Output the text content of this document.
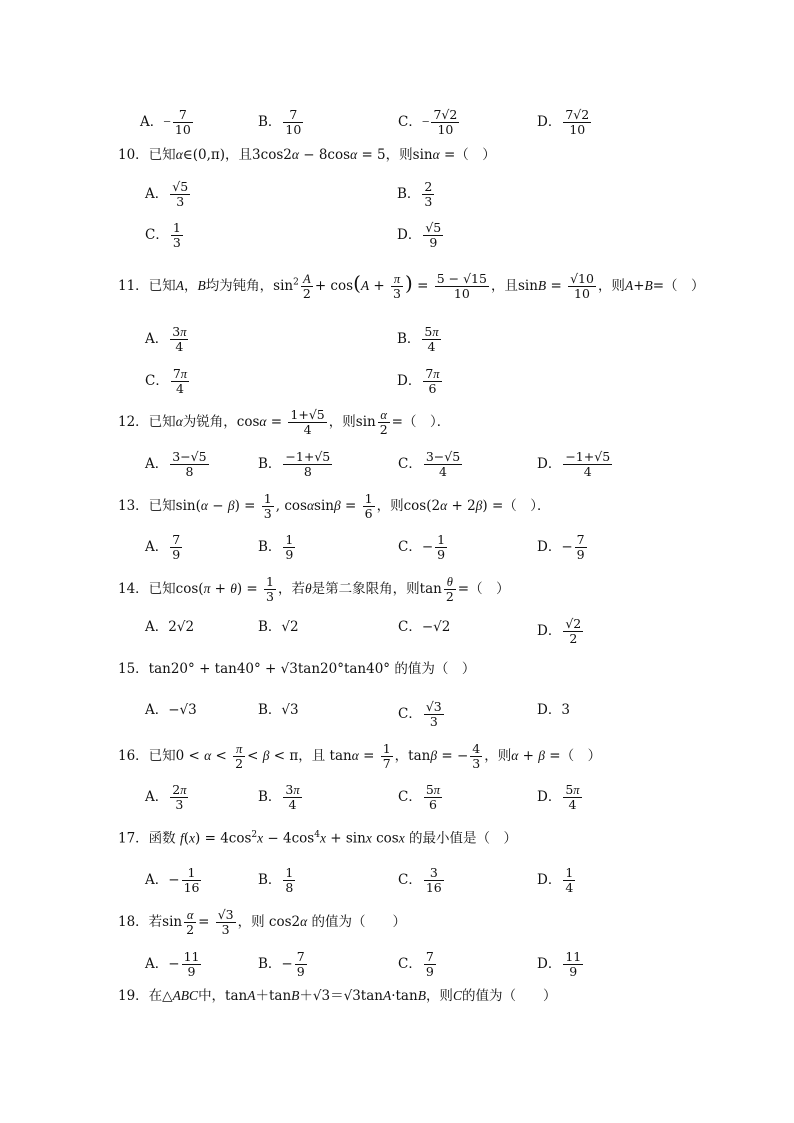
A．− $\frac{7}{10}$	B． $\frac{7}{10}$	C．− $\frac{7√2}{10}$	D． $\frac{7√2}{10}$
10．已知α∈(0,π)，且3cos2α − 8cosα = 5，则sinα =（　）
A． $\frac{√5}{3}$	B． $\frac{2}{3}$
C． $\frac{1}{3}$	D． $\frac{√5}{9}$
11．已知A，B均为钝角，$\sin^2 \frac{A}{2} + \cos(A + \frac{\pi}{3}$ ) = $\frac{5 - √15}{10}$ ，且$\sin B = \frac{√10}{10}$ ，则A+B=（　）
A． $\frac{3\pi}{4}$	B． $\frac{5\pi}{4}$
C． $\frac{7\pi}{4}$	D． $\frac{7\pi}{6}$
12．已知α为锐角，$\cos\alpha = \frac{1+√5}{4}$ ，则$\sin \frac{\alpha}{2}$ =（　）．
A． $\frac{3-√5}{8}$	B． $\frac{-1+√5}{8}$	C． $\frac{3-√5}{4}$	D． $\frac{-1+√5}{4}$
13．已知$\sin(\alpha - \beta) = \frac{1}{3}$ , $\cos\alpha\sin\beta = \frac{1}{6}$ ，则cos(2α + 2β) =（　）．
A． $\frac{7}{9}$	B． $\frac{1}{9}$	C．− $\frac{1}{9}$	D．− $\frac{7}{9}$
14．已知$\cos(\pi + \theta) = \frac{1}{3}$ ，若θ是第二象限角，则$\tan \frac{\theta}{2}$ =（　）
A．2√2	B．√2	C．−√2	D． $\frac{√2}{2}$
15．tan20° + tan40° + √3tan20°tan40° 的值为（　）
A．−√3	B．√3	C． $\frac{√3}{3}$	D．3
16．已知$0 < \alpha < \frac{\pi}{2} < \beta < \pi$，且 $\tan\alpha = \frac{1}{7}$ ，tanβ = − $\frac{4}{3}$ ，则α + β =（　）
A． $\frac{2\pi}{3}$	B． $\frac{3\pi}{4}$	C． $\frac{5\pi}{6}$	D． $\frac{5\pi}{4}$
17．函数 $f(x) = 4\cos^2x - 4\cos^4x + \sin x$ cosx 的最小值是（　）
A．− $\frac{1}{16}$	B． $\frac{1}{8}$	C． $\frac{3}{16}$	D． $\frac{1}{4}$
18．若$\sin \frac{\alpha}{2} = \frac{√3}{3}$ ，则 cos2α 的值为（　　）
A．− $\frac{11}{9}$	B．− $\frac{7}{9}$	C． $\frac{7}{9}$	D． $\frac{11}{9}$
19．在△ABC中，tanA＋tanB＋√3＝√3tanA·tanB，则C的值为（　　）
